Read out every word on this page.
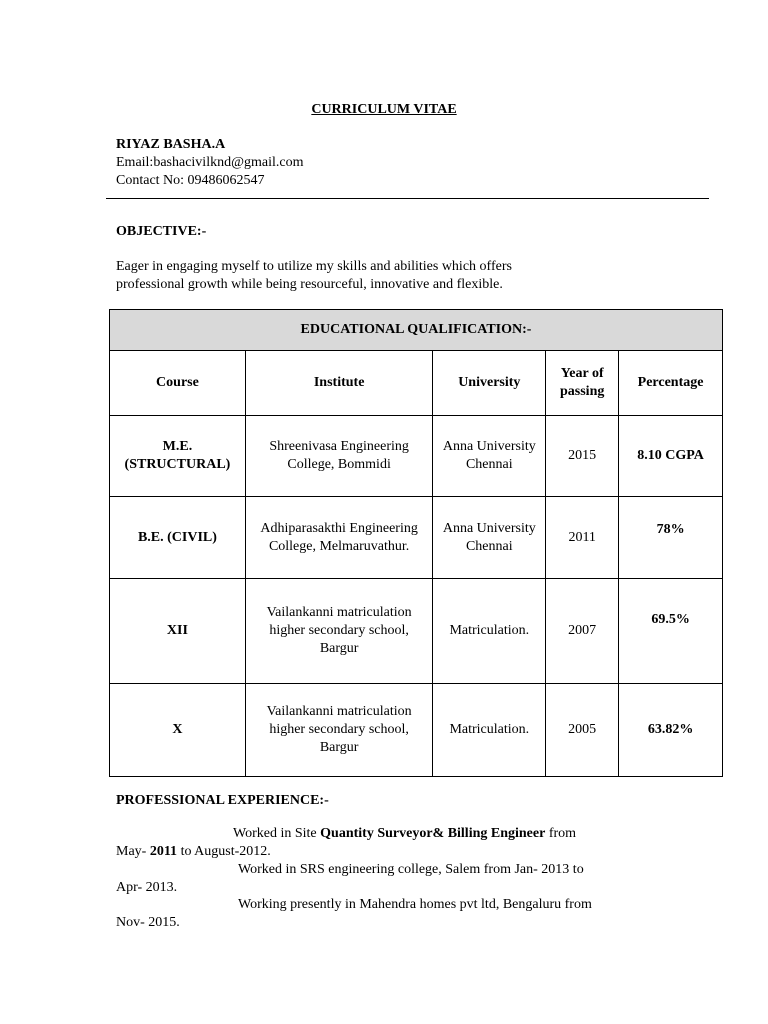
CURRICULUM VITAE
RIYAZ BASHA.A
Email:bashacivilknd@gmail.com
Contact No: 09486062547
OBJECTIVE:-
Eager in engaging myself to utilize my skills and abilities which offers
professional growth while being resourceful, innovative and flexible.
EDUCATIONAL QUALIFICATION:-				
Course	Institute	University	Year of passing	Percentage
M.E. (STRUCTURAL)	Shreenivasa Engineering College, Bommidi	Anna University Chennai	2015	8.10 CGPA
B.E. (CIVIL)	Adhiparasakthi Engineering College, Melmaruvathur.	Anna University Chennai	2011	78%
XII	Vailankanni matriculation higher secondary school, Bargur	Matriculation.	2007	69.5%
X	Vailankanni matriculation higher secondary school, Bargur	Matriculation.	2005	63.82%
PROFESSIONAL EXPERIENCE:-
Worked in Site Quantity Surveyor& Billing Engineer from
May- 2011 to August-2012.
Worked in SRS engineering college, Salem from Jan- 2013 to
Apr- 2013.
Working presently in Mahendra homes pvt ltd, Bengaluru from
Nov- 2015.
